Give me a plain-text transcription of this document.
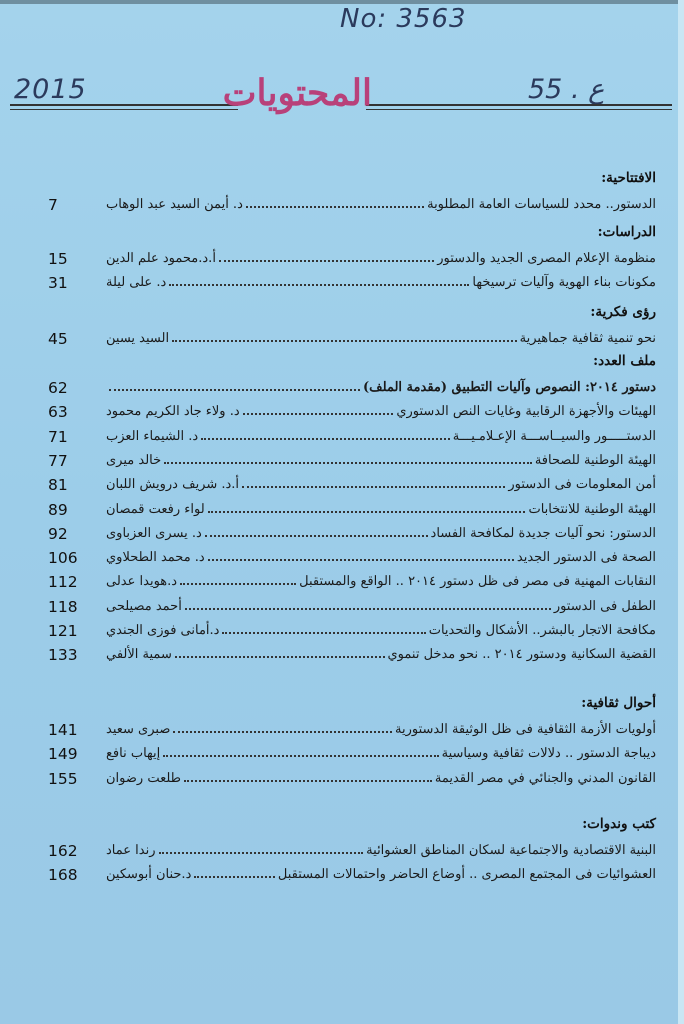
No: 3563
2015	ع . 55
المحتويات
الافتتاحية:
الدستور.. محدد للسياسات العامة المطلوبة
د. أيمن السيد عبد الوهاب
7
الدراسات:
منظومة الإعلام المصرى الجديد والدستور
أ.د.محمود علم الدين
15
مكونات بناء الهوية وآليات ترسيخها
د. على ليلة
31
رؤى فكرية:
نحو تنمية ثقافية جماهيرية
السيد يسين
45
ملف العدد:
دستور ٢٠١٤: النصوص وآليات التطبيق (مقدمة الملف)
62
الهيئات والأجهزة الرقابية وغايات النص الدستوري
د. ولاء جاد الكريم محمود
63
الدستـــــور والسيــاســـة الإعـلامـيـــة
د. الشيماء العزب
71
الهيئة الوطنية للصحافة
خالد ميرى
77
أمن المعلومات فى الدستور
أ.د. شريف درويش اللبان
81
الهيئة الوطنية للانتخابات
لواء رفعت قمصان
89
الدستور: نحو آليات جديدة لمكافحة الفساد
د. يسرى العزباوى
92
الصحة فى الدستور الجديد
د. محمد الطحلاوي
106
النقابات المهنية فى مصر فى ظل دستور ٢٠١٤ .. الواقع والمستقبل
د.هويدا عدلى
112
الطفل فى الدستور
أحمد مصيلحى
118
مكافحة الاتجار بالبشر.. الأشكال والتحديات
د.أمانى فوزى الجندي
121
القضية السكانية ودستور ٢٠١٤ .. نحو مدخل تنموي
سمية الألفي
133
أحوال ثقافية:
أولويات الأزمة الثقافية فى ظل الوثيقة الدستورية
صبرى سعيد
141
ديباجة الدستور .. دلالات ثقافية وسياسية
إيهاب نافع
149
القانون المدني والجنائي في مصر القديمة
طلعت رضوان
155
كتب وندوات:
البنية الاقتصادية والاجتماعية لسكان المناطق العشوائية
رندا عماد
162
العشوائيات فى المجتمع المصرى .. أوضاع الحاضر واحتمالات المستقبل
د.حنان أبوسكين
168
